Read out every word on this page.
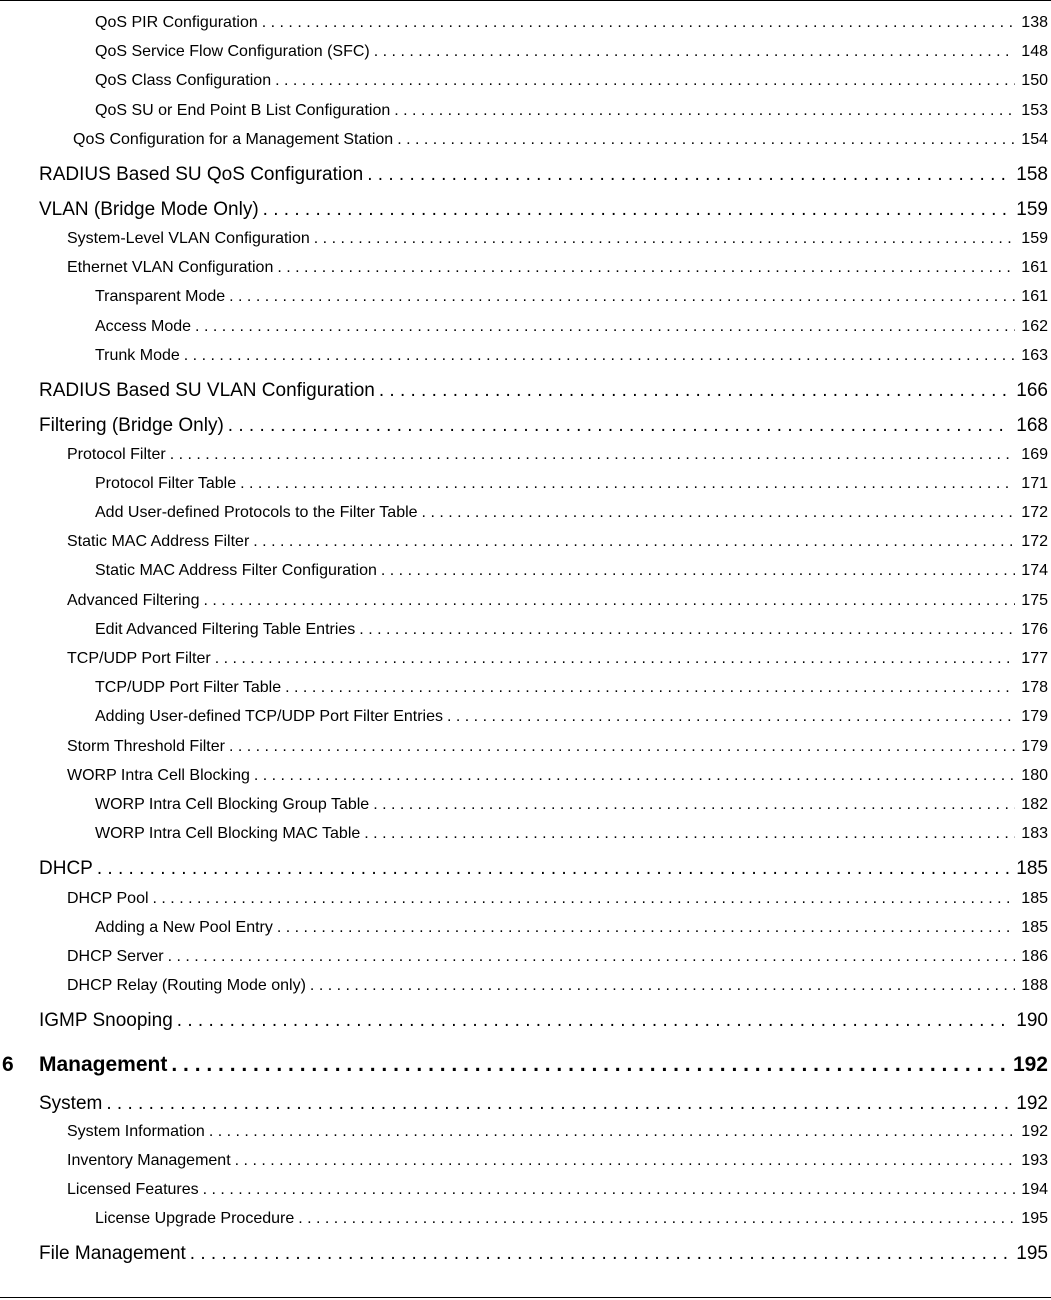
QoS PIR Configuration . . .	138
QoS Service Flow Configuration (SFC) . . .	148
QoS Class Configuration . . .	150
QoS SU or End Point B List Configuration . . .	153
QoS Configuration for a Management Station . . .	154
RADIUS Based SU QoS Configuration . . .	158
VLAN (Bridge Mode Only) . . .	159
System-Level VLAN Configuration . . .	159
Ethernet VLAN Configuration . . .	161
Transparent Mode . . .	161
Access Mode . . .	162
Trunk Mode . . .	163
RADIUS Based SU VLAN Configuration . . .	166
Filtering (Bridge Only) . . .	168
Protocol Filter . . .	169
Protocol Filter Table . . .	171
Add User-defined Protocols to the Filter Table . . .	172
Static MAC Address Filter . . .	172
Static MAC Address Filter Configuration . . .	174
Advanced Filtering . . .	175
Edit Advanced Filtering Table Entries . . .	176
TCP/UDP Port Filter . . .	177
TCP/UDP Port Filter Table . . .	178
Adding User-defined TCP/UDP Port Filter Entries . . .	179
Storm Threshold Filter . . .	179
WORP Intra Cell Blocking . . .	180
WORP Intra Cell Blocking Group Table . . .	182
WORP Intra Cell Blocking MAC Table . . .	183
DHCP . . .	185
DHCP Pool . . .	185
Adding a New Pool Entry . . .	185
DHCP Server . . .	186
DHCP Relay (Routing Mode only) . . .	188
IGMP Snooping . . .	190
6	Management . . .	192
System . . .	192
System Information . . .	192
Inventory Management . . .	193
Licensed Features . . .	194
License Upgrade Procedure . . .	195
File Management . . .	195
